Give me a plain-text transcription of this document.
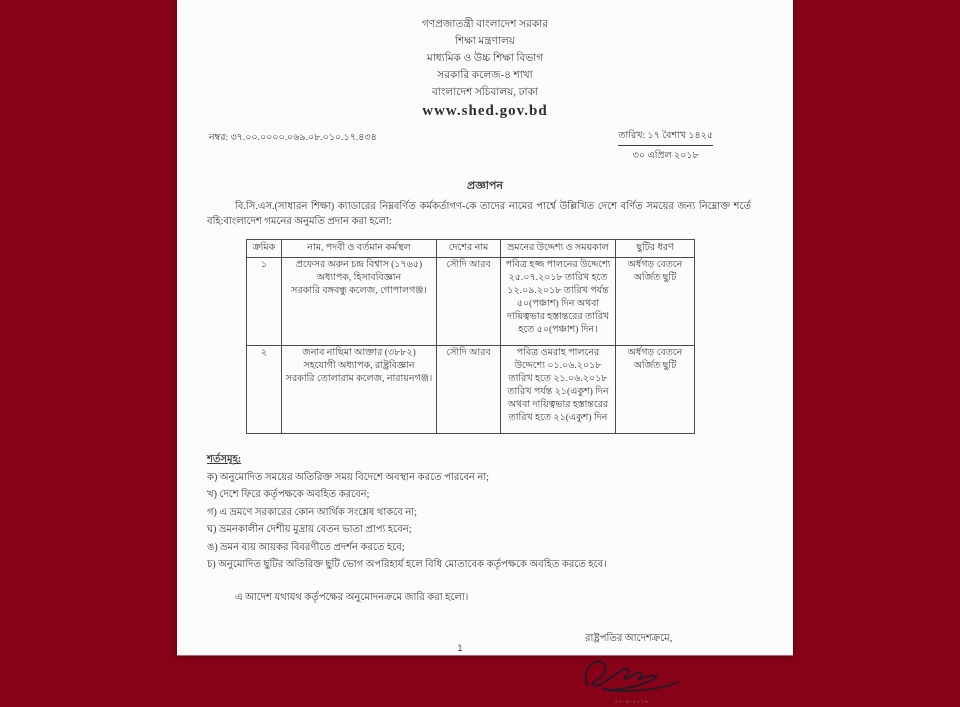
গণপ্রজাতন্ত্রী বাংলাদেশ সরকার
শিক্ষা মন্ত্রণালয়
মাধ্যমিক ও উচ্চ শিক্ষা বিভাগ
সরকারি কলেজ-৪ শাখা
বাংলাদেশ সচিবালয়, ঢাকা
www.shed.gov.bd
নম্বর: ৩৭.০০.০০০০.০৬৯.০৮.০১০.১৭.৪৩৪	তারিখ: ১৭ বৈশাখ ১৪২৫
৩০ এপ্রিল ২০১৮
প্রজ্ঞাপন
বি.সি.এস.(সাধারন শিক্ষা) ক্যাডারের নিম্নবর্ণিত কর্মকর্তাগণ-কে তাদের নামের পার্শ্বে উল্লিখিত দেশে বর্ণিত সময়ের জন্য নিম্নোক্ত শর্তে বহি:বাংলাদেশ গমনের অনুমতি প্রদান করা হলো:
ক্রমিক	নাম, পদবী ও বর্তমান কর্মস্থল	দেশের নাম	ভ্রমনের উদ্দেশ্য ও সময়কাল	ছুটির ধরণ
১	প্রফেসর অরুন চন্দ্র বিশ্বাস (১৭৬৫)
অধ্যাপক, হিসাববিজ্ঞান
সরকারি বঙ্গবন্ধু কলেজ, গোপালগঞ্জ।	সৌদি আরব	পবিত্র হজ্জ পালনের উদ্দেশ্যে ২৫.০৭.২০১৮ তারিখ হতে ১২.০৯.২০১৮ তারিখ পর্যন্ত ৫০(পঞ্চাশ) দিন অথবা দায়িত্বভার হস্তান্তরের তারিখ হতে ৫০(পঞ্চাশ) দিন।	অর্ধগড় বেতনে অর্জিত ছুটি
২	জনাব নাছিমা আক্তার (৩৮৮২)
সহযোগী অধ্যাপক, রাষ্ট্রবিজ্ঞান
সরকারি তোলারাম কলেজ, নারায়নগঞ্জ।	সৌদি আরব	পবিত্র ওমরাহ পালনের উদ্দেশ্যে ০১.০৬.২০১৮ তারিখ হতে ২১.০৬.২০১৮ তারিখ পর্যন্ত ২১(একুশ) দিন অথবা দায়িত্বভার হস্তান্তরের তারিখ হতে ২১(একুশ) দিন	অর্ধগড় বেতনে অর্জিত ছুটি
শর্তসমূহ:
ক) অনুমোদিত সময়ের অতিরিক্ত সময় বিদেশে অবস্থান করতে পারবেন না;
খ) দেশে ফিরে কর্তৃপক্ষকে অবহিত করবেন;
গ) এ ভ্রমণে সরকারের কোন আর্থিক সংশ্লেষ থাকবে না;
ঘ) ভ্রমনকালীন দেশীয় মুদ্রায় বেতন ভাতা প্রাপ্য হবেন;
ঙ) ভ্রমন ব্যয় আয়কর বিবরণীতে প্রদর্শন করতে হবে;
চ) অনুমোদিত ছুটির অতিরিক্ত ছুটি ভোগ অপরিহার্য হলে বিধি মোতাবেক কর্তৃপক্ষকে অবহিত করতে হবে।
এ আদেশ যথাযথ কর্তৃপক্ষের অনুমোদনক্রমে জারি করা হলো।
রাষ্ট্রপতির আদেশক্রমে,
৩০-৪-২০১৮
1
